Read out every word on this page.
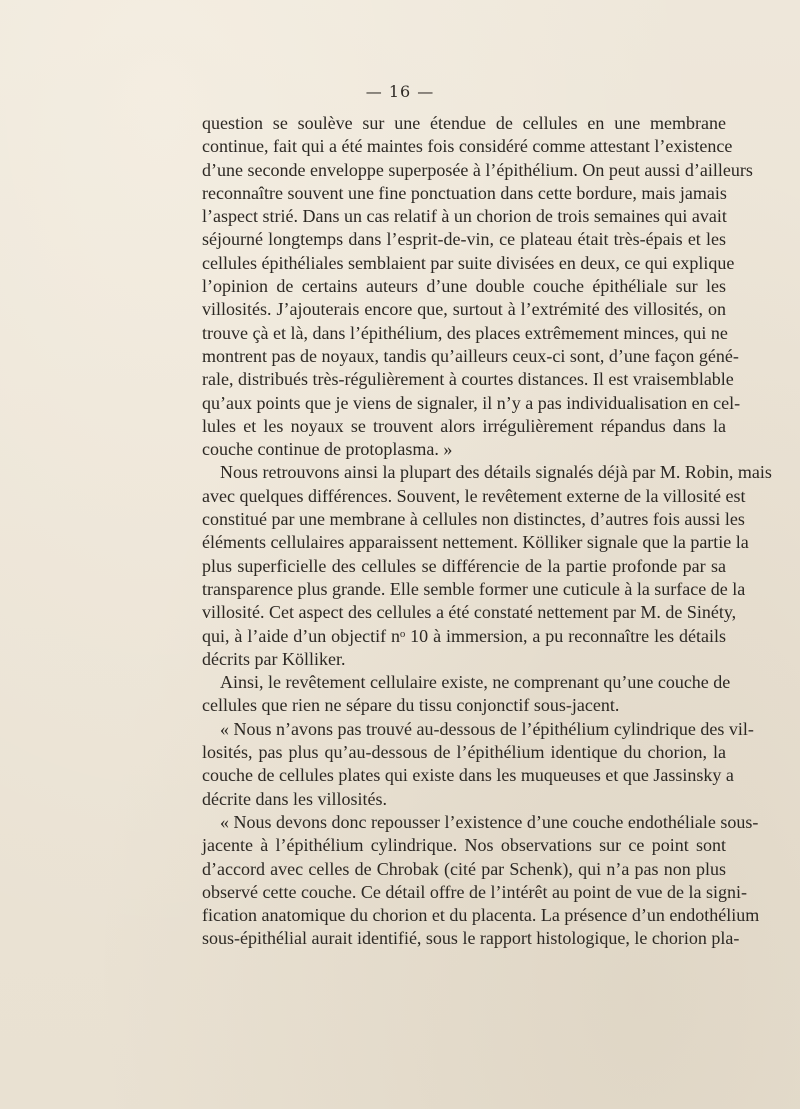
— 16 —
question se soulève sur une étendue de cellules en une membrane
continue, fait qui a été maintes fois considéré comme attestant l’existence
d’une seconde enveloppe superposée à l’épithélium. On peut aussi d’ailleurs
reconnaître souvent une fine ponctuation dans cette bordure, mais jamais
l’aspect strié. Dans un cas relatif à un chorion de trois semaines qui avait
séjourné longtemps dans l’esprit-de-vin, ce plateau était très-épais et les
cellules épithéliales semblaient par suite divisées en deux, ce qui explique
l’opinion de certains auteurs d’une double couche épithéliale sur les
villosités. J’ajouterais encore que, surtout à l’extrémité des villosités, on
trouve çà et là, dans l’épithélium, des places extrêmement minces, qui ne
montrent pas de noyaux, tandis qu’ailleurs ceux-ci sont, d’une façon géné-
rale, distribués très-régulièrement à courtes distances. Il est vraisemblable
qu’aux points que je viens de signaler, il n’y a pas individualisation en cel-
lules et les noyaux se trouvent alors irrégulièrement répandus dans la
couche continue de protoplasma. »
Nous retrouvons ainsi la plupart des détails signalés déjà par M. Robin, mais
avec quelques différences. Souvent, le revêtement externe de la villosité est
constitué par une membrane à cellules non distinctes, d’autres fois aussi les
éléments cellulaires apparaissent nettement. Kölliker signale que la partie la
plus superficielle des cellules se différencie de la partie profonde par sa
transparence plus grande. Elle semble former une cuticule à la surface de la
villosité. Cet aspect des cellules a été constaté nettement par M. de Sinéty,
qui, à l’aide d’un objectif nᵒ 10 à immersion, a pu reconnaître les détails
décrits par Kölliker.
Ainsi, le revêtement cellulaire existe, ne comprenant qu’une couche de
cellules que rien ne sépare du tissu conjonctif sous-jacent.
« Nous n’avons pas trouvé au-dessous de l’épithélium cylindrique des vil-
losités, pas plus qu’au-dessous de l’épithélium identique du chorion, la
couche de cellules plates qui existe dans les muqueuses et que Jassinsky a
décrite dans les villosités.
« Nous devons donc repousser l’existence d’une couche endothéliale sous-
jacente à l’épithélium cylindrique. Nos observations sur ce point sont
d’accord avec celles de Chrobak (cité par Schenk), qui n’a pas non plus
observé cette couche. Ce détail offre de l’intérêt au point de vue de la signi-
fication anatomique du chorion et du placenta. La présence d’un endothélium
sous-épithélial aurait identifié, sous le rapport histologique, le chorion pla-
